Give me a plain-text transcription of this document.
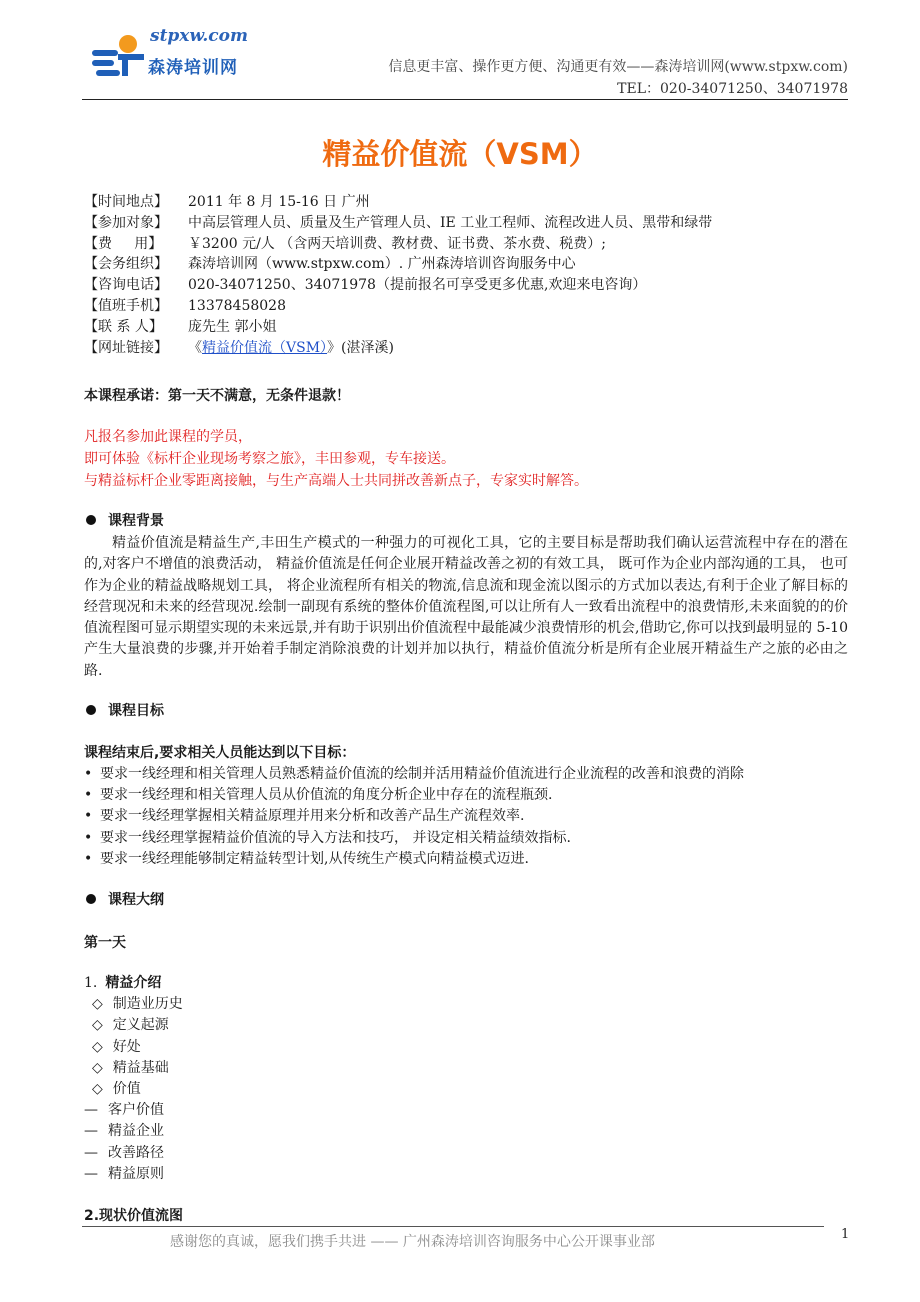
stpxw.com
森涛培训网	信息更丰富、操作更方便、沟通更有效——森涛培训网(www.stpxw.com)
TEL：020-34071250、34071978
精益价值流（VSM）
【时间地点】 2011 年 8 月 15-16 日 广州
【参加对象】 中高层管理人员、质量及生产管理人员、IE 工业工程师、流程改进人员、黑带和绿带
【费     用】 ￥3200 元/人 （含两天培训费、教材费、证书费、茶水费、税费）;
【会务组织】 森涛培训网（www.stpxw.com）. 广州森涛培训咨询服务中心
【咨询电话】 020-34071250、34071978（提前报名可享受更多优惠,欢迎来电咨询）
【值班手机】 13378458028
【联 系 人】 庞先生 郭小姐
【网址链接】 《精益价值流（VSM）》(湛泽溪)
本课程承诺：第一天不满意，无条件退款！
凡报名参加此课程的学员，
即可体验《标杆企业现场考察之旅》，丰田参观，专车接送。
与精益标杆企业零距离接触，与生产高端人士共同拼改善新点子，专家实时解答。
课程背景
精益价值流是精益生产,丰田生产模式的一种强力的可视化工具，它的主要目标是帮助我们确认运营流程中存在的潜在的,对客户不增值的浪费活动， 精益价值流是任何企业展开精益改善之初的有效工具， 既可作为企业内部沟通的工具， 也可作为企业的精益战略规划工具， 将企业流程所有相关的物流,信息流和现金流以图示的方式加以表达,有利于企业了解目标的经营现况和未来的经营现况.绘制一副现有系统的整体价值流程图,可以让所有人一致看出流程中的浪费情形,未来面貌的的价值流程图可显示期望实现的未来远景,并有助于识别出价值流程中最能减少浪费情形的机会,借助它,你可以找到最明显的 5-10 产生大量浪费的步骤,并开始着手制定消除浪费的计划并加以执行，精益价值流分析是所有企业展开精益生产之旅的必由之路.
课程目标
课程结束后,要求相关人员能达到以下目标：
• 要求一线经理和相关管理人员熟悉精益价值流的绘制并活用精益价值流进行企业流程的改善和浪费的消除
• 要求一线经理和相关管理人员从价值流的角度分析企业中存在的流程瓶颈.
• 要求一线经理掌握相关精益原理并用来分析和改善产品生产流程效率.
• 要求一线经理掌握精益价值流的导入方法和技巧， 并设定相关精益绩效指标.
• 要求一线经理能够制定精益转型计划,从传统生产模式向精益模式迈进.
课程大纲
第一天
1. 精益介绍
◇ 制造业历史
◇ 定义起源
◇ 好处
◇ 精益基础
◇ 价值
— 客户价值
— 精益企业
— 改善路径
— 精益原则
2.现状价值流图
感谢您的真诚，愿我们携手共进 —— 广州森涛培训咨询服务中心公开课事业部	1
